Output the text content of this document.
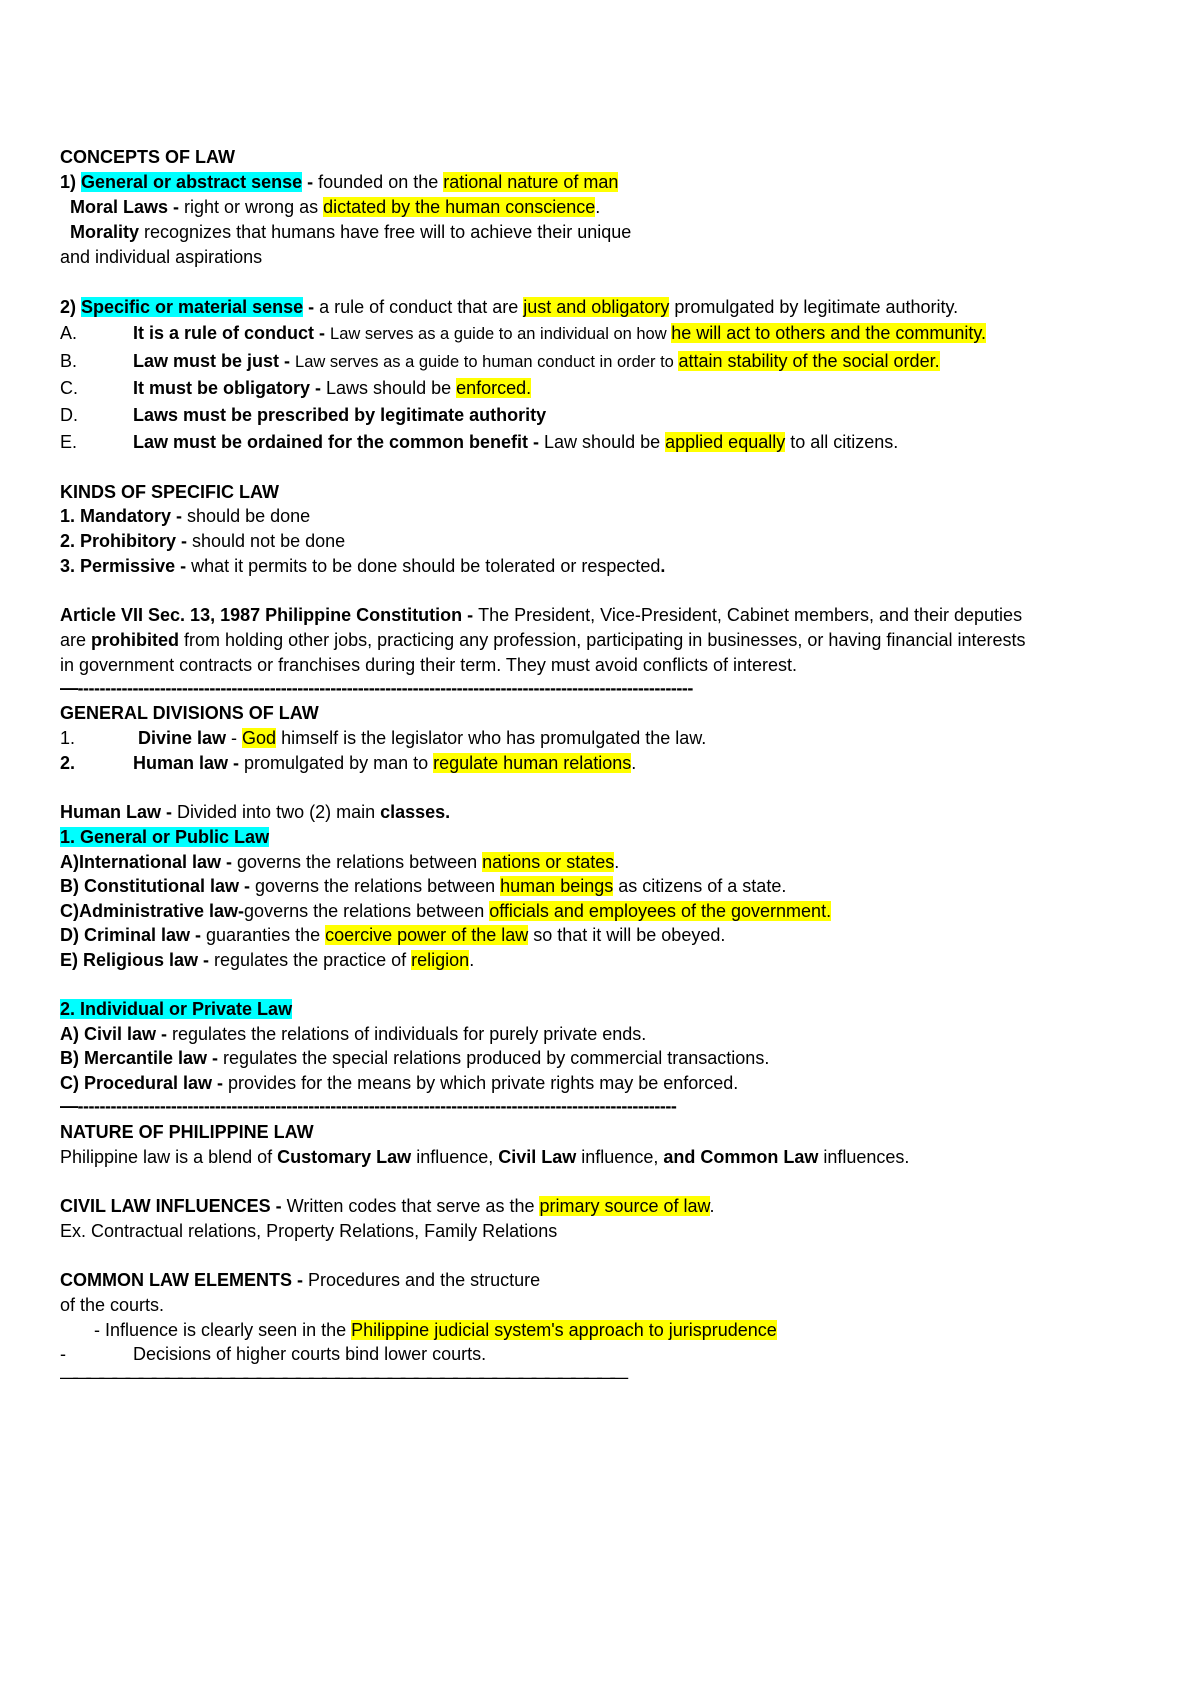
CONCEPTS OF LAW
1) General or abstract sense - founded on the rational nature of man
Moral Laws - right or wrong as dictated by the human conscience.
Morality recognizes that humans have free will to achieve their unique
and individual aspirations
2) Specific or material sense - a rule of conduct that are just and obligatory promulgated by legitimate authority.
A.	It is a rule of conduct - Law serves as a guide to an individual on how he will act to others and the community.
B.	Law must be just - Law serves as a guide to human conduct in order to attain stability of the social order.
C.	It must be obligatory - Laws should be enforced.
D.	Laws must be prescribed by legitimate authority
E.	Law must be ordained for the common benefit - Law should be applied equally to all citizens.
KINDS OF SPECIFIC LAW
1. Mandatory - should be done
2. Prohibitory - should not be done
3. Permissive - what it permits to be done should be tolerated or respected.
Article VII Sec. 13, 1987 Philippine Constitution - The President, Vice-President, Cabinet members, and their deputies
are prohibited from holding other jobs, practicing any profession, participating in businesses, or having financial interests
in government contracts or franchises during their term. They must avoid conflicts of interest.
—----------------------------------------------------------------------------------------------------------------
GENERAL DIVISIONS OF LAW
1.	Divine law - God himself is the legislator who has promulgated the law.
2.	Human law - promulgated by man to regulate human relations.
Human Law - Divided into two (2) main classes.
1. General or Public Law
A)International law - governs the relations between nations or states.
B) Constitutional law - governs the relations between human beings as citizens of a state.
C)Administrative law-governs the relations between officials and employees of the government.
D) Criminal law - guaranties the coercive power of the law so that it will be obeyed.
E) Religious law - regulates the practice of religion.
2. Individual or Private Law
A) Civil law - regulates the relations of individuals for purely private ends.
B) Mercantile law - regulates the special relations produced by commercial transactions.
C) Procedural law - provides for the means by which private rights may be enforced.
—-------------------------------------------------------------------------------------------------------------
NATURE OF PHILIPPINE LAW
Philippine law is a blend of Customary Law influence, Civil Law influence, and Common Law influences.
CIVIL LAW INFLUENCES - Written codes that serve as the primary source of law.
Ex. Contractual relations, Property Relations, Family Relations
COMMON LAW ELEMENTS - Procedures and the structure
of the courts.
- Influence is clearly seen in the Philippine judicial system's approach to jurisprudence
-	Decisions of higher courts bind lower courts.
———————————————————————————————————————————
